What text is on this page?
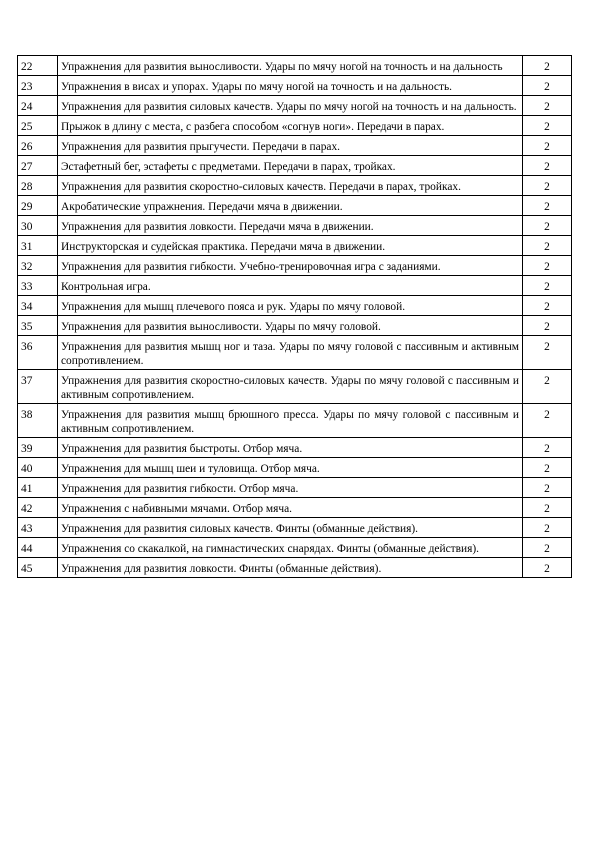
22	Упражнения для развития выносливости. Удары по мячу ногой на точность и на дальность	2
23	Упражнения в висах и упорах. Удары по мячу ногой на точность и на дальность.	2
24	Упражнения для развития силовых качеств. Удары по мячу ногой на точность и на дальность.	2
25	Прыжок в длину с места, с разбега способом «согнув ноги». Передачи в парах.	2
26	Упражнения для развития прыгучести. Передачи в парах.	2
27	Эстафетный бег, эстафеты с предметами. Передачи в парах, тройках.	2
28	Упражнения для развития скоростно-силовых качеств. Передачи в парах, тройках.	2
29	Акробатические упражнения. Передачи мяча в движении.	2
30	Упражнения для развития ловкости. Передачи мяча в движении.	2
31	Инструкторская и судейская практика. Передачи мяча в движении.	2
32	Упражнения для развития гибкости. Учебно-тренировочная игра с заданиями.	2
33	Контрольная игра.	2
34	Упражнения для мышц плечевого пояса и рук. Удары по мячу головой.	2
35	Упражнения для развития выносливости. Удары по мячу головой.	2
36	Упражнения для развития мышц ног и таза. Удары по мячу головой с пассивным и активным сопротивлением.	2
37	Упражнения для развития скоростно-силовых качеств. Удары по мячу головой с пассивным и активным сопротивлением.	2
38	Упражнения для развития мышц брюшного пресса. Удары по мячу головой с пассивным и активным сопротивлением.	2
39	Упражнения для развития быстроты. Отбор мяча.	2
40	Упражнения для мышц шеи и туловища. Отбор мяча.	2
41	Упражнения для развития гибкости. Отбор мяча.	2
42	Упражнения с набивными мячами. Отбор мяча.	2
43	Упражнения для развития силовых качеств. Финты (обманные действия).	2
44	Упражнения со скакалкой, на гимнастических снарядах. Финты (обманные действия).	2
45	Упражнения для развития ловкости. Финты (обманные действия).	2
